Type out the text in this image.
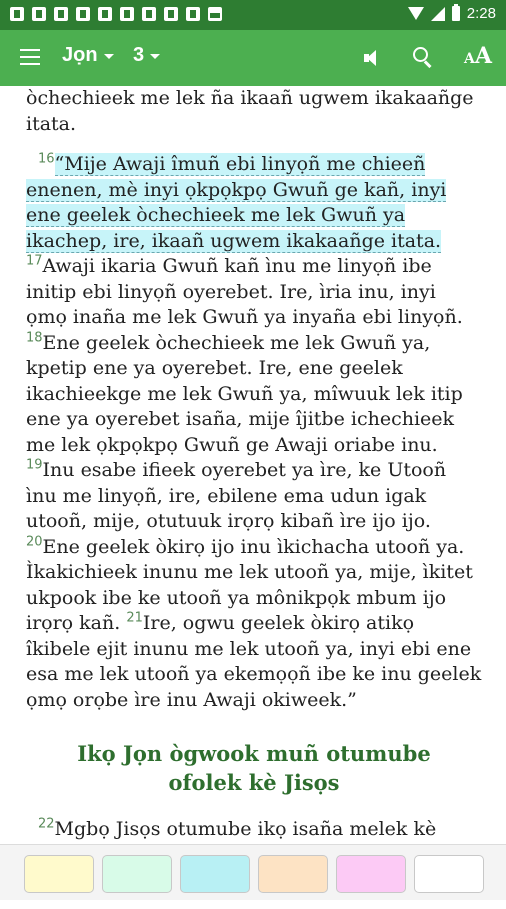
2:28
Jọn 3	AA

òchechieek me lek ña ikaañ ugwem ikakaañge itata.

$^{16}$“Mije Awaji îmuñ ebi linyọñ me chieeñ enenen, mè inyi ọkpọkpọ Gwuñ ge kañ, inyi ene geelek òchechieek me lek Gwuñ ya ikachep, ire, ikaañ ugwem ikakaañge itata. $^{17}$Awaji ikaria Gwuñ kañ ìnu me linyọñ ibe initip ebi linyọñ oyerebet. Ire, ìria inu, inyi ọmọ inaña me lek Gwuñ ya inyaña ebi linyọñ. $^{18}$Ene geelek òchechieek me lek Gwuñ ya, kpetip ene ya oyerebet. Ire, ene geelek ikachieekge me lek Gwuñ ya, mîwuuk lek itip ene ya oyerebet isaña, mije îjitbe ichechieek me lek ọkpọkpọ Gwuñ ge Awaji oriabe inu. $^{19}$Inu esabe ifieek oyerebet ya ìre, ke Utooñ ìnu me linyọñ, ire, ebilene ema udun igak utooñ, mije, otutuuk irọrọ kibañ ìre ijo ijo. $^{20}$Ene geelek òkirọ ijo inu ìkichacha utooñ ya. Ìkakichieek inunu me lek utooñ ya, mije, ìkitet ukpook ibe ke utooñ ya mônikpọk mbum ijo irọrọ kañ. $^{21}$Ire, ogwu geelek òkirọ atikọ îkibele ejit inunu me lek utooñ ya, inyi ebi ene esa me lek utooñ ya ekemọọñ ibe ke inu geelek ọmọ orọbe ìre inu Awaji okiweek.”

Ikọ Jọn ògwook muñ otumube ofolek kè Jisọs

$^{22}$Mgbọ Jisọs otumube ikọ isaña melek kè
